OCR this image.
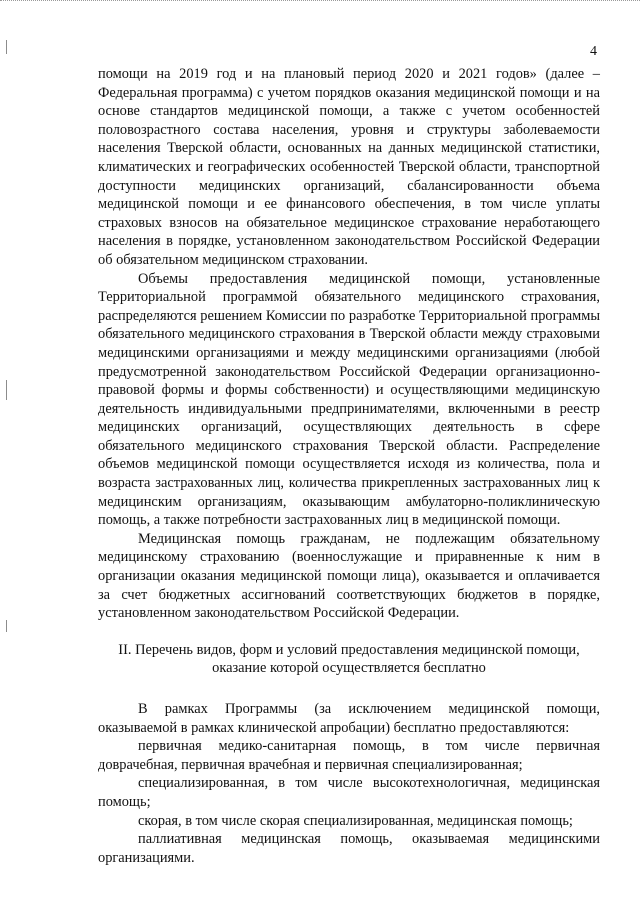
4

помощи на 2019 год и на плановый период 2020 и 2021 годов» (далее – Федеральная программа) с учетом порядков оказания медицинской помощи и на основе стандартов медицинской помощи, а также с учетом особенностей половозрастного состава населения, уровня и структуры заболеваемости населения Тверской области, основанных на данных медицинской статистики, климатических и географических особенностей Тверской области, транспортной доступности медицинских организаций, сбалансированности объема медицинской помощи и ее финансового обеспечения, в том числе уплаты страховых взносов на обязательное медицинское страхование неработающего населения в порядке, установленном законодательством Российской Федерации об обязательном медицинском страховании.

Объемы предоставления медицинской помощи, установленные Территориальной программой обязательного медицинского страхования, распределяются решением Комиссии по разработке Территориальной программы обязательного медицинского страхования в Тверской области между страховыми медицинскими организациями и между медицинскими организациями (любой предусмотренной законодательством Российской Федерации организационно-правовой формы и формы собственности) и осуществляющими медицинскую деятельность индивидуальными предпринимателями, включенными в реестр медицинских организаций, осуществляющих деятельность в сфере обязательного медицинского страхования Тверской области. Распределение объемов медицинской помощи осуществляется исходя из количества, пола и возраста застрахованных лиц, количества прикрепленных застрахованных лиц к медицинским организациям, оказывающим амбулаторно-поликлиническую помощь, а также потребности застрахованных лиц в медицинской помощи.

Медицинская помощь гражданам, не подлежащим обязательному медицинскому страхованию (военнослужащие и приравненные к ним в организации оказания медицинской помощи лица), оказывается и оплачивается за счет бюджетных ассигнований соответствующих бюджетов в порядке, установленном законодательством Российской Федерации.

II. Перечень видов, форм и условий предоставления медицинской помощи,
оказание которой осуществляется бесплатно

В рамках Программы (за исключением медицинской помощи, оказываемой в рамках клинической апробации) бесплатно предоставляются:

первичная медико-санитарная помощь, в том числе первичная доврачебная, первичная врачебная и первичная специализированная;

специализированная, в том числе высокотехнологичная, медицинская помощь;

скорая, в том числе скорая специализированная, медицинская помощь;

паллиативная медицинская помощь, оказываемая медицинскими организациями.
